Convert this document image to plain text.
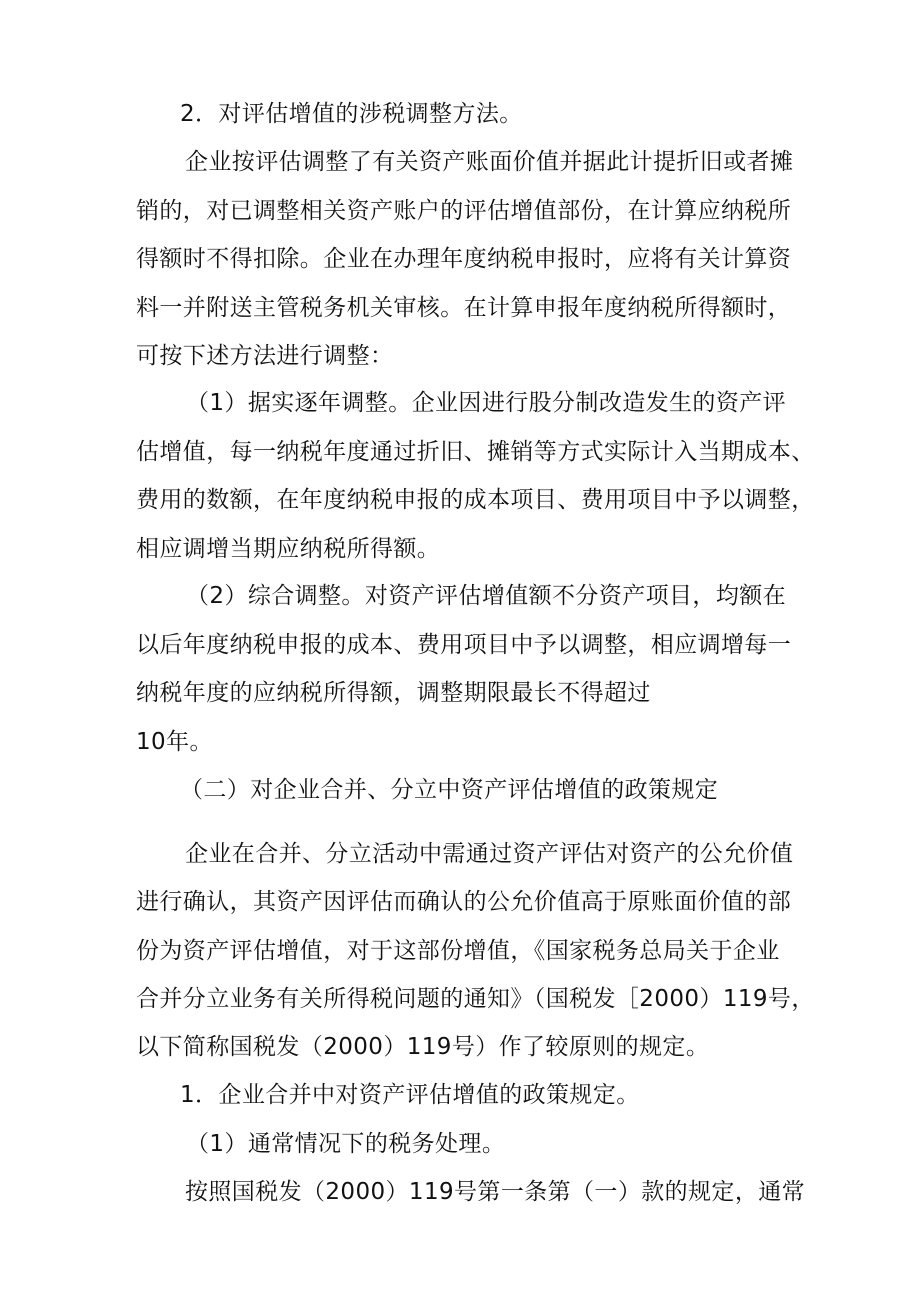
2．对评估增值的涉税调整方法。
企业按评估调整了有关资产账面价值并据此计提折旧或者摊
销的，对已调整相关资产账户的评估增值部份，在计算应纳税所
得额时不得扣除。企业在办理年度纳税申报时，应将有关计算资
料一并附送主管税务机关审核。在计算申报年度纳税所得额时，
可按下述方法进行调整：
（1）据实逐年调整。企业因进行股分制改造发生的资产评
估增值，每一纳税年度通过折旧、摊销等方式实际计入当期成本、
费用的数额，在年度纳税申报的成本项目、费用项目中予以调整，
相应调增当期应纳税所得额。
（2）综合调整。对资产评估增值额不分资产项目，均额在
以后年度纳税申报的成本、费用项目中予以调整，相应调增每一
纳税年度的应纳税所得额，调整期限最长不得超过
10年。
（二）对企业合并、分立中资产评估增值的政策规定
企业在合并、分立活动中需通过资产评估对资产的公允价值
进行确认，其资产因评估而确认的公允价值高于原账面价值的部
份为资产评估增值，对于这部份增值，《国家税务总局关于企业
合并分立业务有关所得税问题的通知》（国税发［2000）119号，
以下简称国税发（2000）119号）作了较原则的规定。
1．企业合并中对资产评估增值的政策规定。
（1）通常情况下的税务处理。
按照国税发（2000）119号第一条第（一）款的规定，通常
